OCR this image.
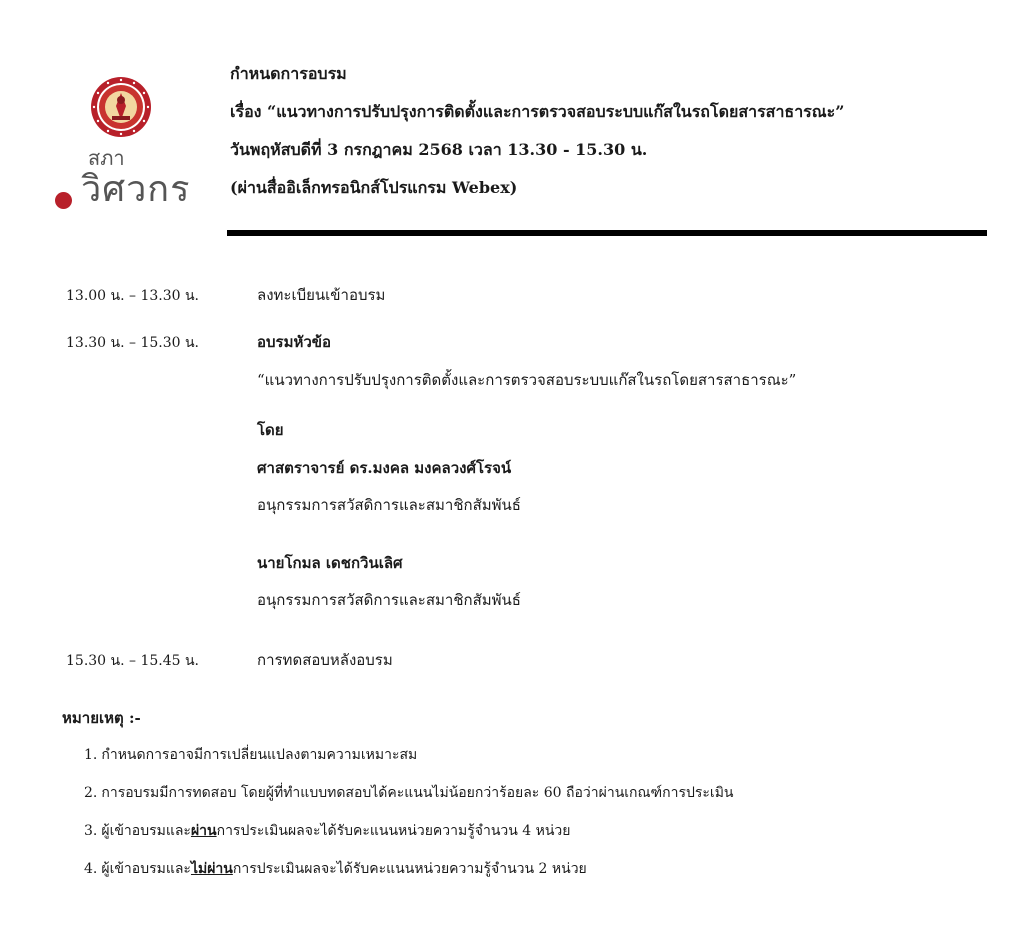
สภา
วิศวกร
กำหนดการอบรม
เรื่อง “แนวทางการปรับปรุงการติดตั้งและการตรวจสอบระบบแก๊สในรถโดยสารสาธารณะ”
วันพฤหัสบดีที่ 3 กรกฎาคม 2568 เวลา 13.30 - 15.30 น.
(ผ่านสื่ออิเล็กทรอนิกส์โปรแกรม Webex)
13.00 น. – 13.30 น.	ลงทะเบียนเข้าอบรม
13.30 น. – 15.30 น.	อบรมหัวข้อ
“แนวทางการปรับปรุงการติดตั้งและการตรวจสอบระบบแก๊สในรถโดยสารสาธารณะ”
โดย
ศาสตราจารย์ ดร.มงคล มงคลวงศ์โรจน์
อนุกรรมการสวัสดิการและสมาชิกสัมพันธ์
นายโกมล เดชกวินเลิศ
อนุกรรมการสวัสดิการและสมาชิกสัมพันธ์
15.30 น. – 15.45 น.	การทดสอบหลังอบรม
หมายเหตุ :-
1. กำหนดการอาจมีการเปลี่ยนแปลงตามความเหมาะสม
2. การอบรมมีการทดสอบ โดยผู้ที่ทำแบบทดสอบได้คะแนนไม่น้อยกว่าร้อยละ 60 ถือว่าผ่านเกณฑ์การประเมิน
3. ผู้เข้าอบรมและผ่านการประเมินผลจะได้รับคะแนนหน่วยความรู้จำนวน 4 หน่วย
4. ผู้เข้าอบรมและไม่ผ่านการประเมินผลจะได้รับคะแนนหน่วยความรู้จำนวน 2 หน่วย
